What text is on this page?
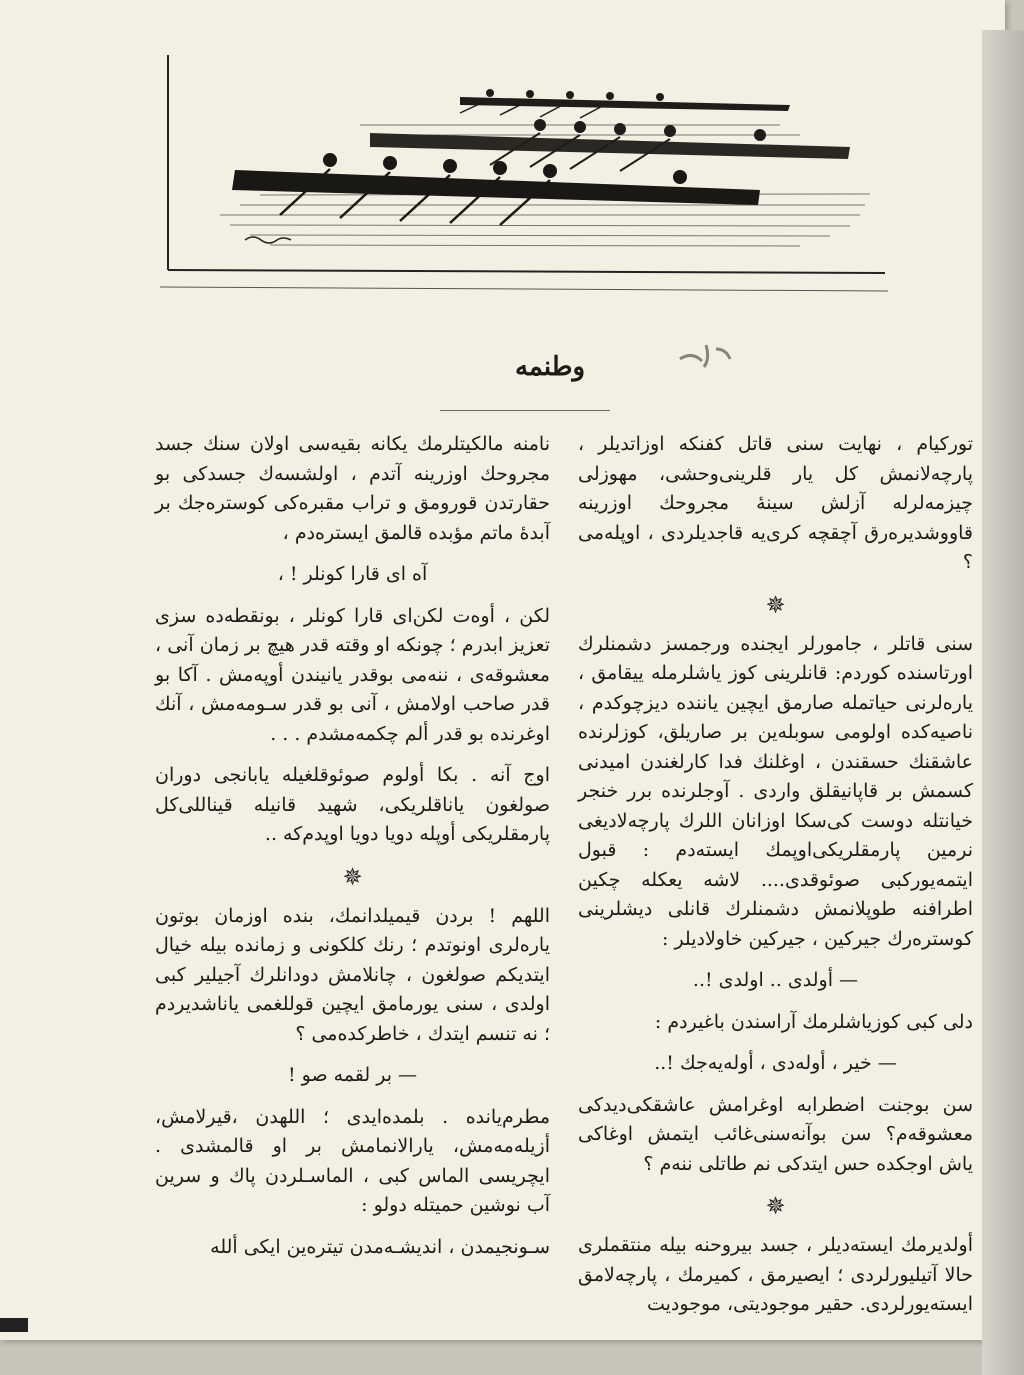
وطنمه

تورکیام ، نهایت سنی قاتل کفنکه اوزاتدیلر ، پارچه‌لانمش کل یار‌ قلرینی‌وحشی، مهوزلی چیزمه‌لرله آزلش سینهٔ مجروحك اوزرینه قاووشدیره‌رق آچقچه کری‌یه قاجدیلردی ، اوپلەمی ؟

✵

سنی قاتلر ، جامورلر ایجنده ورجمسز دشمنلرك اورتاسنده کوردم: قانلرینی کوز یاشلرمله ییقامق ، یارەلرنی حیاتمله صارمق ایچین یاننده دیزچوکدم ، ناصیه‌کده اولومی سوبله‌ین بر صاریلق، کوزلرنده عاشقنك حسقندن ، اوغلنك فدا کارلغندن امیدنی کسمش بر قاپانیقلق واردی . آوجلرنده برر خنجر خیانتله دوست کی‌سکا اوزانان اللرك پارچه‌لادیغی نرمین پارمقلریکی‌اوپمك ایسته‌دم : قبول ایتمه‌یورکبی صوئوقدی.... لاشه یعکله چکین اطرافنه طوپلانمش دشمنلرك قانلی دیشلرینی کوستره‌رك جیرکین ، جیرکین خاولادیلر :

— أولدی .. اولدی !..

دلی کبی کوزیاشلرمك آراسندن باغیردم :

— خیر ، أوله‌دی ، أوله‌یه‌جك !..

سن بوجنت اضطرابه اوغرامش عاشقکی‌دیدکی معشوقەم؟ سن بو‌آنه‌‌سنی‌غائب ایتمش اوغاکی یاش اوجکده حس ایتدکی نم طاتلی ننەم ؟

✵

أولدیرمك ایسته‌دیلر ، جسد بیروحنه بیله منتقملری حالا آتیلیورلردی ؛ ایصیرمق ، کمیرمك ، پارچه‌لامق ایسته‌یورلردی. حقیر موجودیتی، موجودیت

نامنه مالکیتلرمك یکانه بقیه‌سی اولان سنك جسد مجروحك اوزرینه آتدم ، اولشسه‌ك جسدکی بو حقارتدن قورومق و تراب مقبره‌کی کوسترەجك بر آبدهٔ ماتم مؤبده قالمق ایسترەدم ،

آه ای قارا کونلر ! ،

لکن ، أوەت لکن‌ای قارا کونلر ، بونقطه‌ده سزی تعزیز ابدرم ؛ چونکه او وقته قدر هیچ بر زمان آنی ، معشوقه‌ی ، ننه‌می بوقدر یانیندن أوپه‌مش . آکا بو قدر صاحب اولامش ، آنی بو قدر سـومه‌مش ، آنك اوغرنده بو قدر ألم چکمه‌مشدم . . .

اوج آنه . بکا أولوم صوئوقلغیله یابانجی دوران صولغون یاناقلریکی، شهید قانیله قیناللی‌کل پارمقلریکی أوپله دویا دویا اوپدم‌که ..

✵

اللهم ! بردن قیمیلدانمك، بنده اوزمان بوتون یاره‌لری اونوتدم ؛ رنك کلکونی و زمانده بیله خیال ایتدیکم صولغون ، چانلامش دودانلرك آجیلیر کبی اولدی ، سنی یورمامق ایچین قوللغمی یاناشدیردم ؛ نه تنسم ایتدك ، خاطرکده‌می ؟

— بر لقمه صو !

مطرم‌یانده . بلمدەایدی ؛ اللهدن ،قیرلامش، أزیله‌مه‌مش، یارالانمامش بر او قالمشدی . ایچریسی الماس کبی ، الماسـلردن پاك و سرین آب نوشین حمیتله دولو :

سـونجیمدن ، اندیشـه‌مدن تیتره‌ین ایکی ألله
